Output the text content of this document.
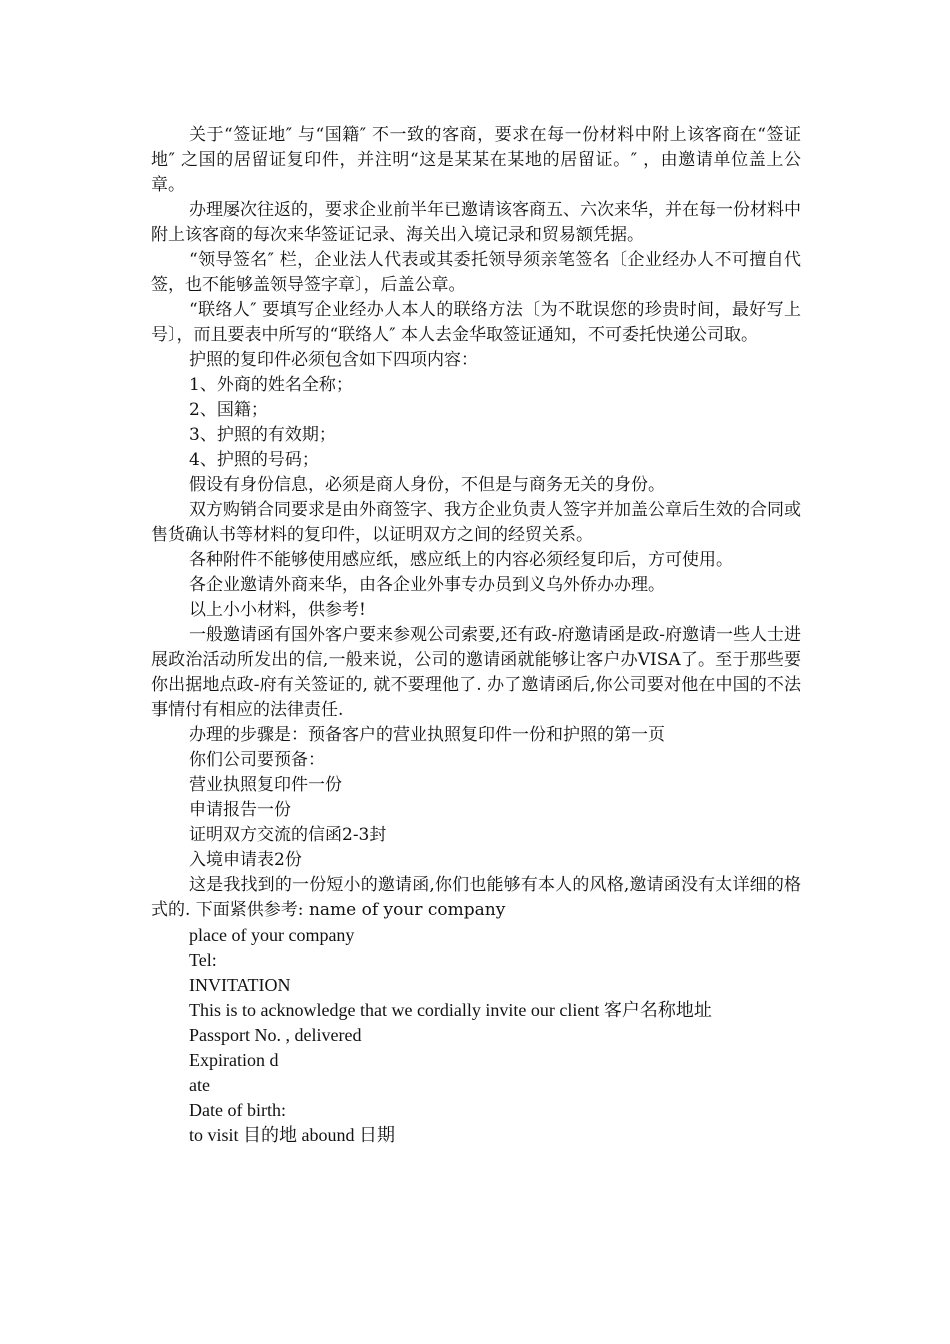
关于“签证地″ 与“国籍″ 不一致的客商，要求在每一份材料中附上该客商在“签证地″ 之国的居留证复印件，并注明“这是某某在某地的居留证。″ ，由邀请单位盖上公章。

办理屡次往返的，要求企业前半年已邀请该客商五、六次来华，并在每一份材料中附上该客商的每次来华签证记录、海关出入境记录和贸易额凭据。

“领导签名″ 栏，企业法人代表或其委托领导须亲笔签名〔企业经办人不可擅自代签，也不能够盖领导签字章〕，后盖公章。

“联络人″ 要填写企业经办人本人的联络方法〔为不耽误您的珍贵时间，最好写上号〕，而且要表中所写的“联络人″ 本人去金华取签证通知，不可委托快递公司取。

护照的复印件必须包含如下四项内容：

1、外商的姓名全称；

2、国籍；

3、护照的有效期；

4、护照的号码；

假设有身份信息，必须是商人身份，不但是与商务无关的身份。

双方购销合同要求是由外商签字、我方企业负责人签字并加盖公章后生效的合同或售货确认书等材料的复印件，以证明双方之间的经贸关系。

各种附件不能够使用感应纸，感应纸上的内容必须经复印后，方可使用。

各企业邀请外商来华，由各企业外事专办员到义乌外侨办办理。

以上小小材料，供参考!

一般邀请函有国外客户要来参观公司索要,还有政-府邀请函是政-府邀请一些人士进展政治活动所发出的信,一般来说，公司的邀请函就能够让客户办VISA了。至于那些要你出据地点政-府有关签证的, 就不要理他了. 办了邀请函后,你公司要对他在中国的不法事情付有相应的法律责任.

办理的步骤是：预备客户的营业执照复印件一份和护照的第一页

你们公司要预备：

营业执照复印件一份

申请报告一份

证明双方交流的信函2-3封

入境申请表2份

这是我找到的一份短小的邀请函,你们也能够有本人的风格,邀请函没有太详细的格式的. 下面紧供参考: name of your company

place of your company

Tel:

INVITATION

This is to acknowledge that we cordially invite our client 客户名称地址

Passport No. , delivered

Expiration d

ate

Date of birth:

to visit 目的地 abound 日期
